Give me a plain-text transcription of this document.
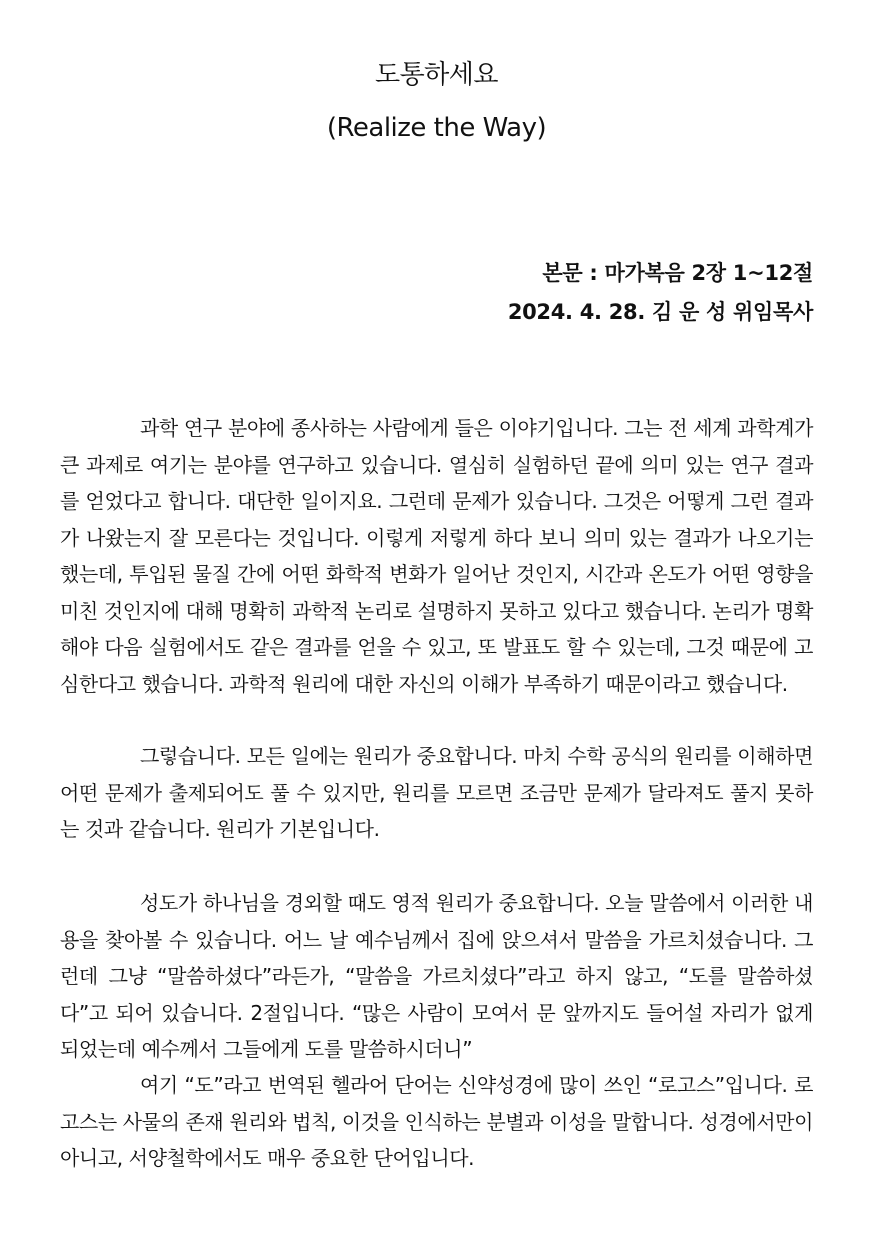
도통하세요
(Realize the Way)
본문 : 마가복음 2장 1~12절
2024. 4. 28. 김 운 성 위임목사

과학 연구 분야에 종사하는 사람에게 들은 이야기입니다. 그는 전 세계 과학계가 큰 과제로 여기는 분야를 연구하고 있습니다. 열심히 실험하던 끝에 의미 있는 연구 결과를 얻었다고 합니다. 대단한 일이지요. 그런데 문제가 있습니다. 그것은 어떻게 그런 결과가 나왔는지 잘 모른다는 것입니다. 이렇게 저렇게 하다 보니 의미 있는 결과가 나오기는 했는데, 투입된 물질 간에 어떤 화학적 변화가 일어난 것인지, 시간과 온도가 어떤 영향을 미친 것인지에 대해 명확히 과학적 논리로 설명하지 못하고 있다고 했습니다. 논리가 명확해야 다음 실험에서도 같은 결과를 얻을 수 있고, 또 발표도 할 수 있는데, 그것 때문에 고심한다고 했습니다. 과학적 원리에 대한 자신의 이해가 부족하기 때문이라고 했습니다.

그렇습니다. 모든 일에는 원리가 중요합니다. 마치 수학 공식의 원리를 이해하면 어떤 문제가 출제되어도 풀 수 있지만, 원리를 모르면 조금만 문제가 달라져도 풀지 못하는 것과 같습니다. 원리가 기본입니다.

성도가 하나님을 경외할 때도 영적 원리가 중요합니다. 오늘 말씀에서 이러한 내용을 찾아볼 수 있습니다. 어느 날 예수님께서 집에 앉으셔서 말씀을 가르치셨습니다. 그런데 그냥 “말씀하셨다”라든가, “말씀을 가르치셨다”라고 하지 않고, “도를 말씀하셨다”고 되어 있습니다. 2절입니다. “많은 사람이 모여서 문 앞까지도 들어설 자리가 없게 되었는데 예수께서 그들에게 도를 말씀하시더니”

여기 “도”라고 번역된 헬라어 단어는 신약성경에 많이 쓰인 “로고스”입니다. 로고스는 사물의 존재 원리와 법칙, 이것을 인식하는 분별과 이성을 말합니다. 성경에서만이 아니고, 서양철학에서도 매우 중요한 단어입니다.
